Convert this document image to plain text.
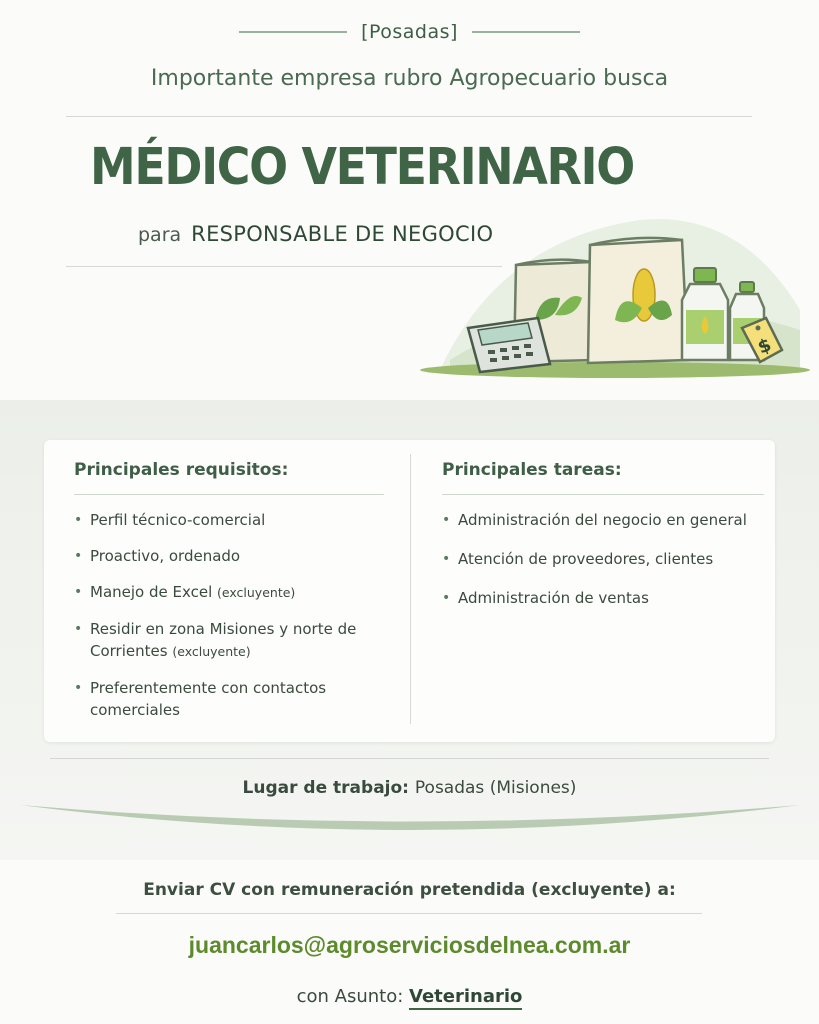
[Posadas]
Importante empresa rubro Agropecuario busca
MÉDICO VETERINARIO
para RESPONSABLE DE NEGOCIO
$
Principales requisitos:
• Perfil técnico-comercial
• Proactivo, ordenado
• Manejo de Excel (excluyente)
• Residir en zona Misiones y norte de Corrientes (excluyente)
• Preferentemente con contactos comerciales
Principales tareas:
• Administración del negocio en general
• Atención de proveedores, clientes
• Administración de ventas
Lugar de trabajo: Posadas (Misiones)
Enviar CV con remuneración pretendida (excluyente) a:
juancarlos@agroserviciosdelnea.com.ar
con Asunto: Veterinario
